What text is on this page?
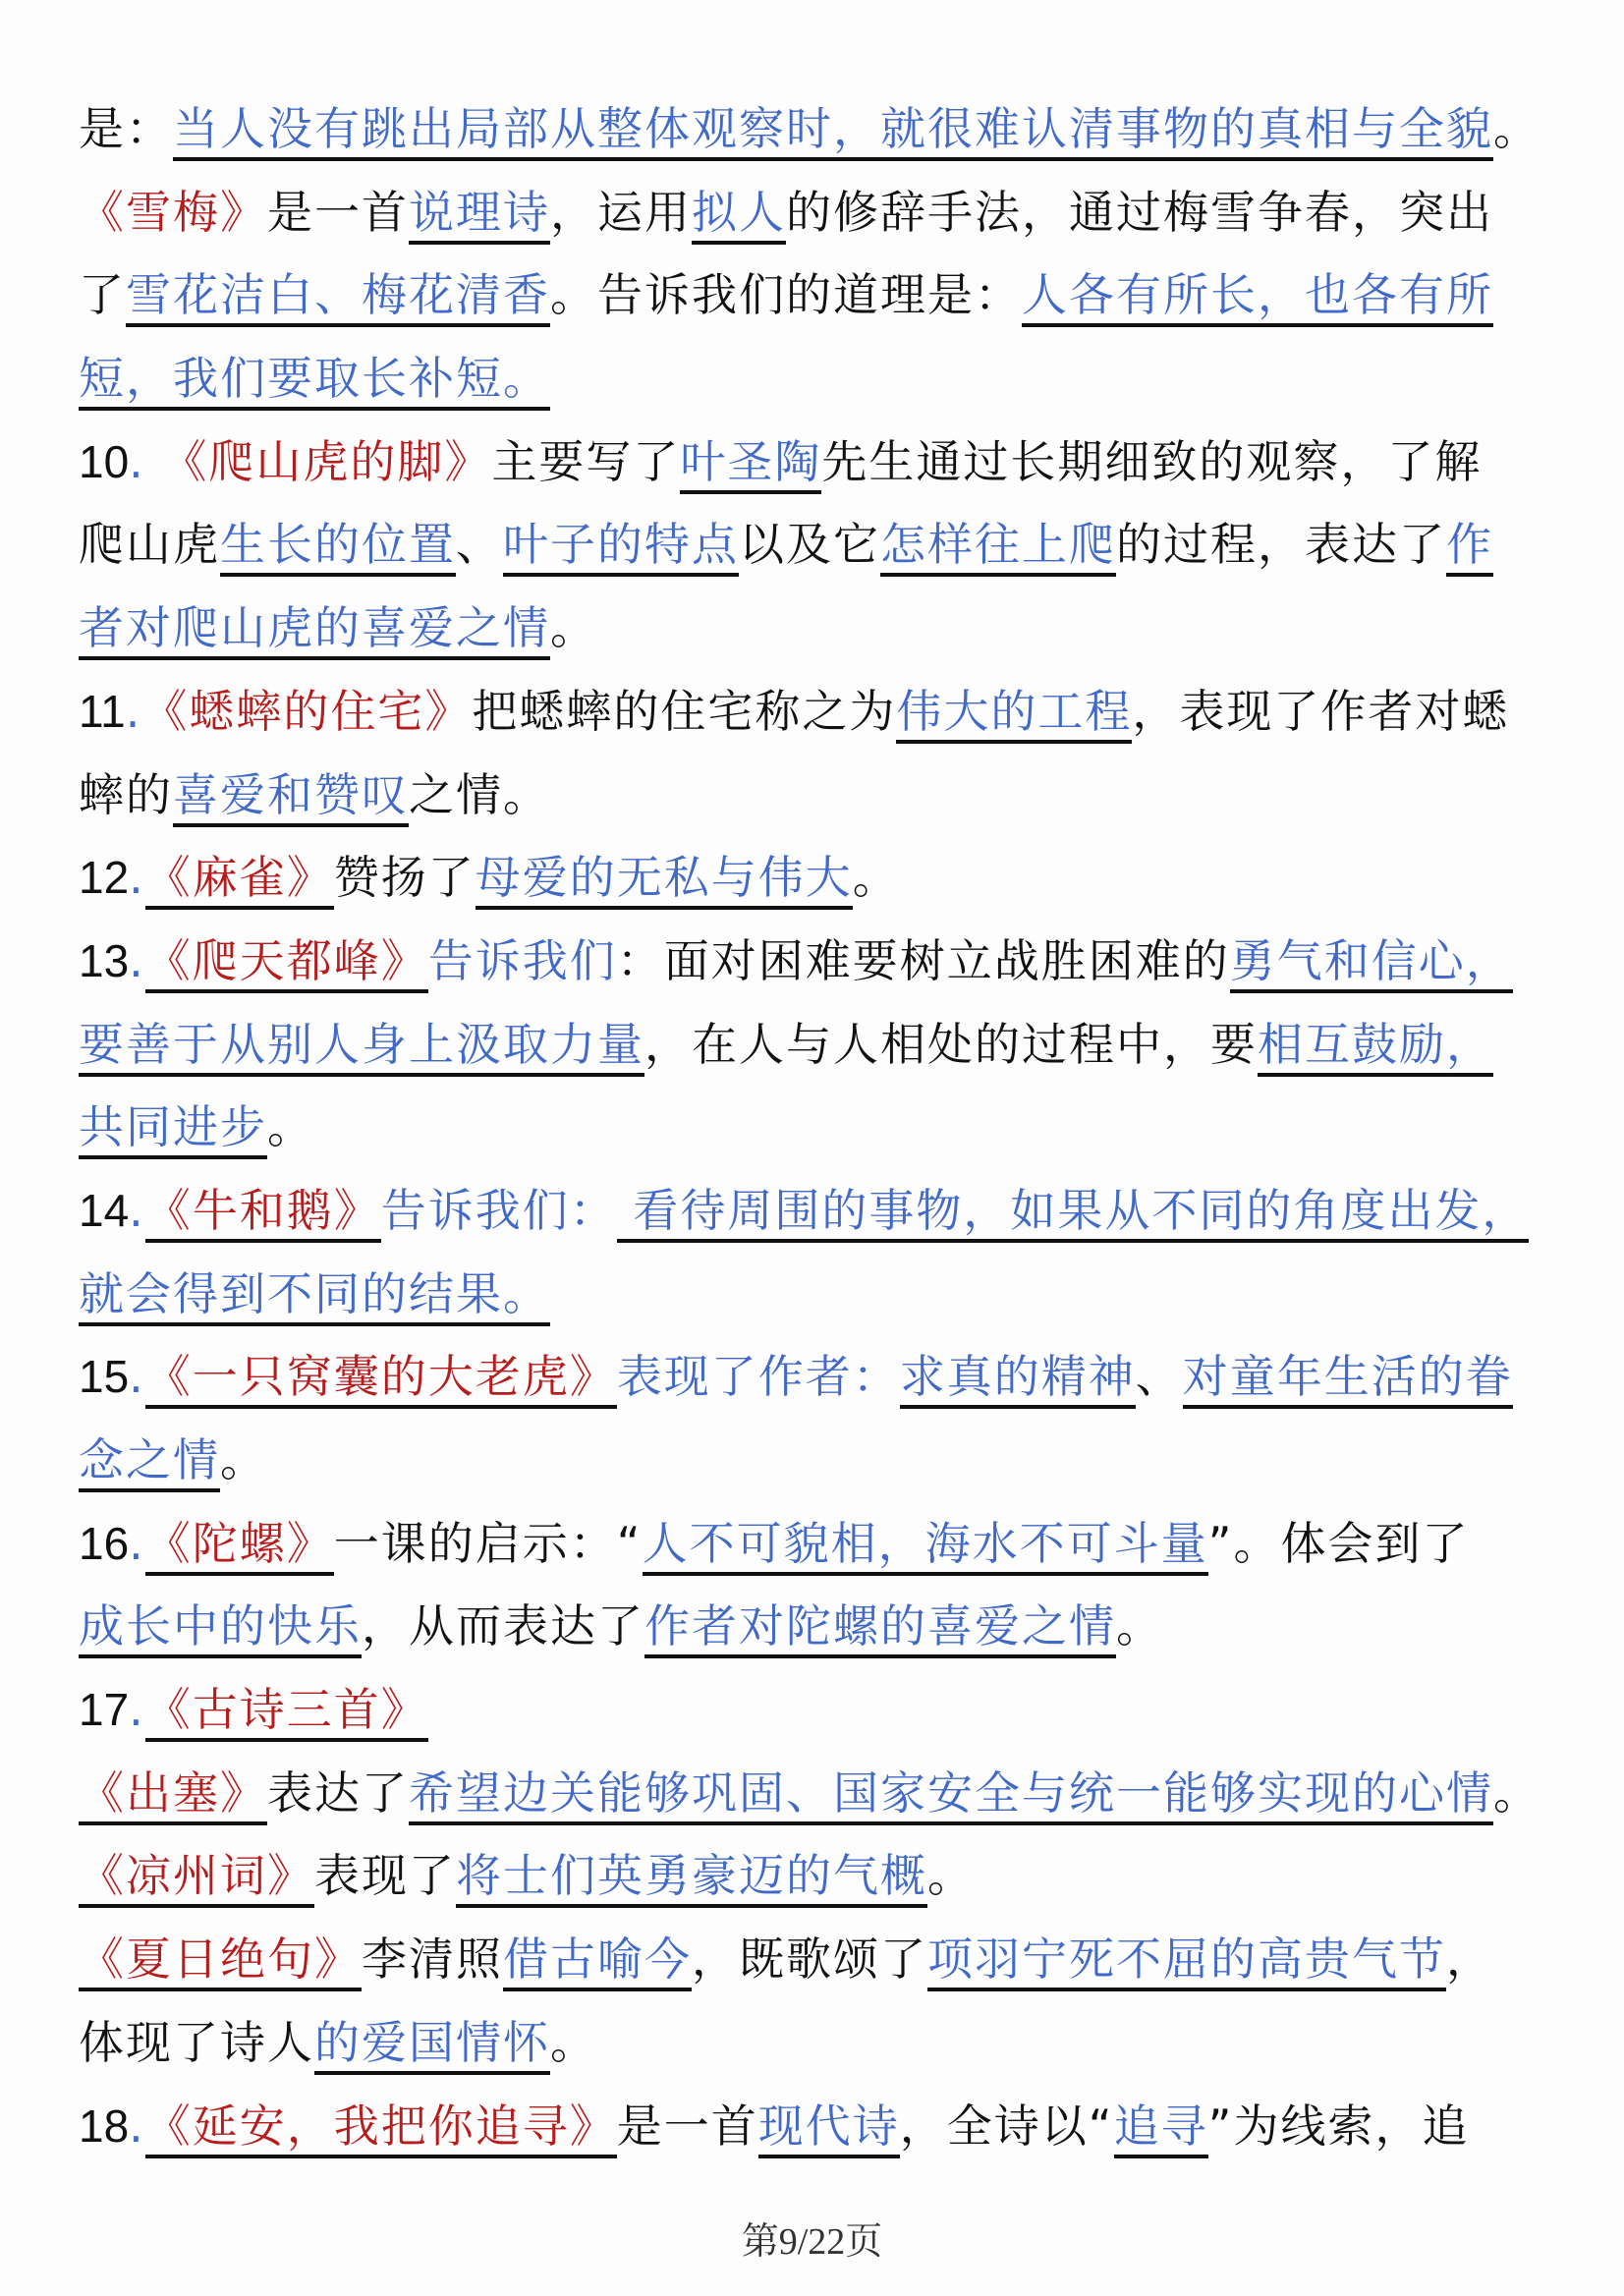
是：当人没有跳出局部从整体观察时，就很难认清事物的真相与全貌。
《雪梅》是一首说理诗，运用拟人的修辞手法，通过梅雪争春，突出
了雪花洁白、梅花清香。告诉我们的道理是：人各有所长，也各有所
短，我们要取长补短。
10. 《爬山虎的脚》主要写了叶圣陶先生通过长期细致的观察，了解
爬山虎生长的位置、叶子的特点以及它怎样往上爬的过程，表达了作
者对爬山虎的喜爱之情。
11.《蟋蟀的住宅》把蟋蟀的住宅称之为伟大的工程，表现了作者对蟋
蟀的喜爱和赞叹之情。
12.《麻雀》赞扬了母爱的无私与伟大。
13.《爬天都峰》告诉我们：面对困难要树立战胜困难的勇气和信心，
要善于从别人身上汲取力量，在人与人相处的过程中，要相互鼓励，
共同进步。
14.《牛和鹅》告诉我们： 看待周围的事物，如果从不同的角度出发，
就会得到不同的结果。
15.《一只窝囊的大老虎》表现了作者：求真的精神、对童年生活的眷
念之情。
16.《陀螺》一课的启示：“人不可貌相，海水不可斗量”。体会到了
成长中的快乐，从而表达了作者对陀螺的喜爱之情。
17.《古诗三首》
《出塞》表达了希望边关能够巩固、国家安全与统一能够实现的心情。
《凉州词》表现了将士们英勇豪迈的气概。
《夏日绝句》李清照借古喻今，既歌颂了项羽宁死不屈的高贵气节，
体现了诗人的爱国情怀。
18.《延安，我把你追寻》是一首现代诗，全诗以“追寻”为线索，追
第9/22页
